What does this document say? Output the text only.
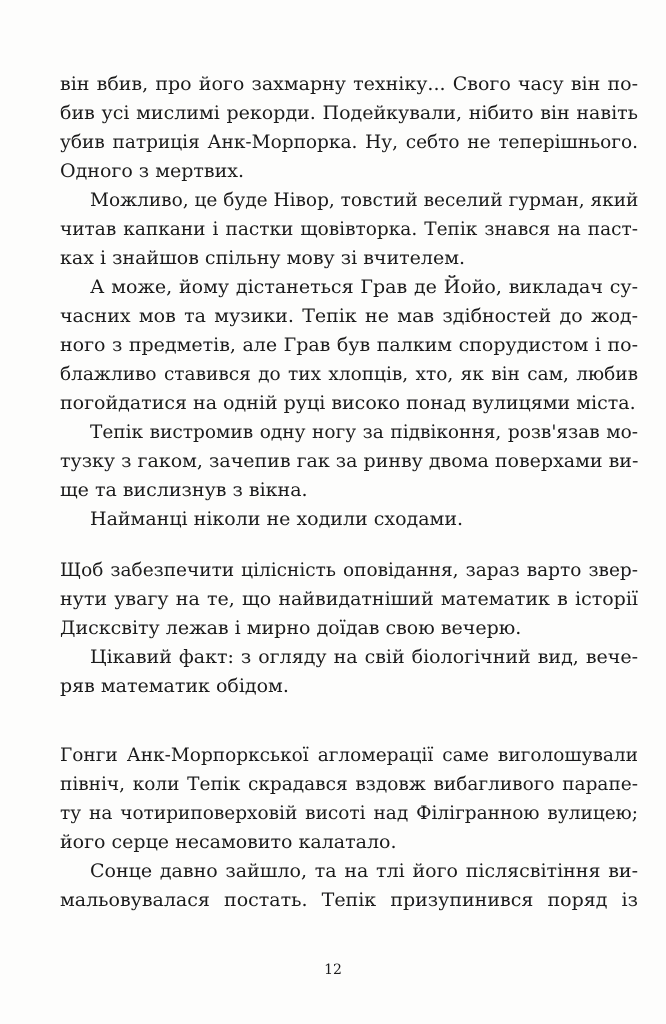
він вбив, про його захмарну техніку... Свого часу він по-
бив усі мислимі рекорди. Подейкували, нібито він навіть
убив патриція Анк-Морпорка. Ну, себто не теперішнього.
Одного з мертвих.
Можливо, це буде Нівор, товстий веселий гурман, який
читав капкани і пастки щовівторка. Тепік знався на паст-
ках і знайшов спільну мову зі вчителем.
А може, йому дістанеться Грав де Йойо, викладач су-
часних мов та музики. Тепік не мав здібностей до жод-
ного з предметів, але Грав був палким спорудистом і по-
блажливо ставився до тих хлопців, хто, як він сам, любив
погойдатися на одній руці високо понад вулицями міста.
Тепік вистромив одну ногу за підвіконня, розв'язав мо-
тузку з гаком, зачепив гак за ринву двома поверхами ви-
ще та вислизнув з вікна.
Найманці ніколи не ходили сходами.
Щоб забезпечити цілісність оповідання, зараз варто звер-
нути увагу на те, що найвидатніший математик в історії
Дисксвіту лежав і мирно доїдав свою вечерю.
Цікавий факт: з огляду на свій біологічний вид, вече-
ряв математик обідом.
Гонги Анк-Морпоркської агломерації саме виголошували
північ, коли Тепік скрадався вздовж вибагливого парапе-
ту на чотириповерховій висоті над Філігранною вулицею;
його серце несамовито калатало.
Сонце давно зайшло, та на тлі його післясвітіння ви-
мальовувалася постать. Тепік призупинився поряд із
12
